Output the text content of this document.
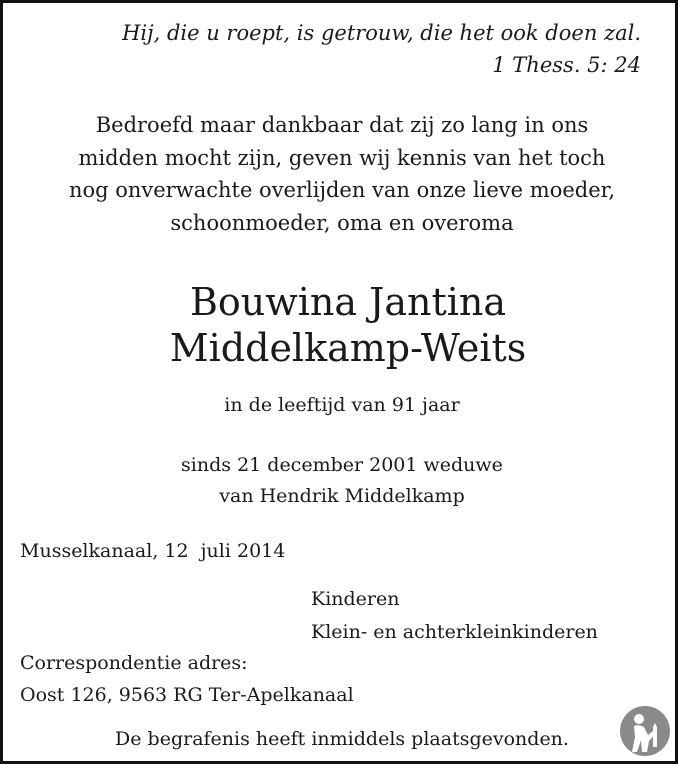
Hij, die u roept, is getrouw, die het ook doen zal.
1 Thess. 5: 24
Bedroefd maar dankbaar dat zij zo lang in ons
midden mocht zijn, geven wij kennis van het toch
nog onverwachte overlijden van onze lieve moeder,
schoonmoeder, oma en overoma
Bouwina Jantina
Middelkamp-Weits
in de leeftijd van 91 jaar
sinds 21 december 2001 weduwe
van Hendrik Middelkamp
Musselkanaal, 12  juli 2014
Kinderen
Klein- en achterkleinkinderen
Correspondentie adres:
Oost 126, 9563 RG Ter-Apelkanaal
De begrafenis heeft inmiddels plaatsgevonden.
